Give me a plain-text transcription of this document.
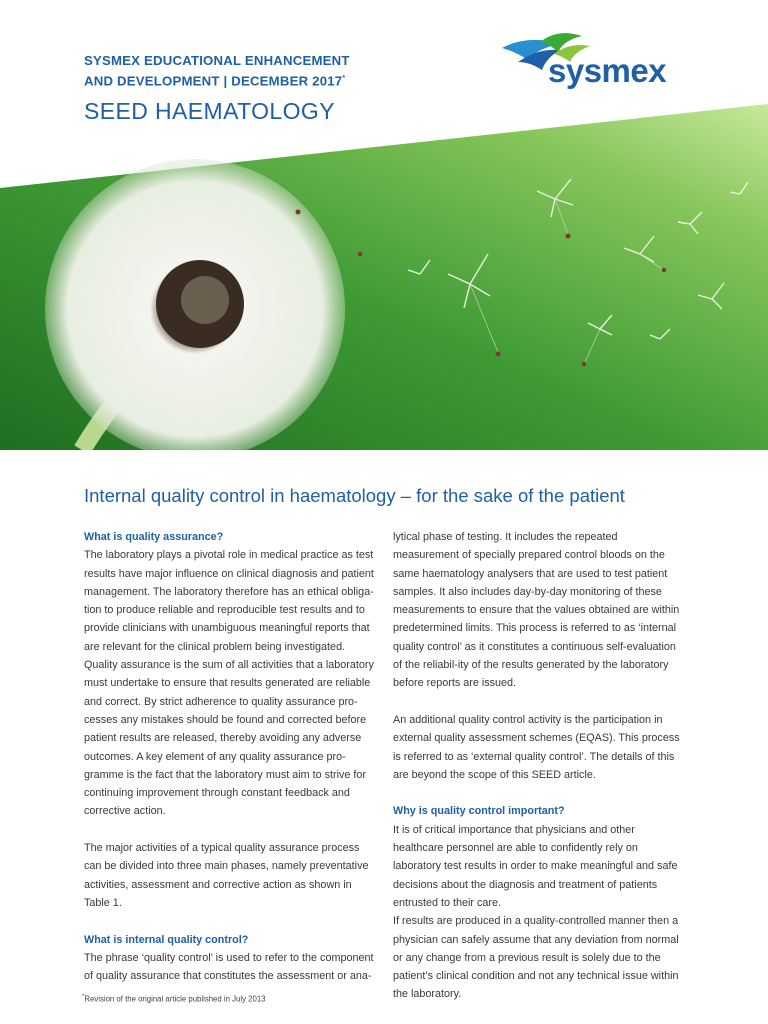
SYSMEX EDUCATIONAL ENHANCEMENT
AND DEVELOPMENT | DECEMBER 2017*
SEED HAEMATOLOGY
sysmex
Internal quality control in haematology – for the sake of the patient
What is quality assurance?

The laboratory plays a pivotal role in medical practice as test results have major influence on clinical diagnosis and patient management. The laboratory therefore has an ethical obliga-tion to produce reliable and reproducible test results and to provide clinicians with unambiguous meaningful reports that are relevant for the clinical problem being investigated. Quality assurance is the sum of all activities that a laboratory must undertake to ensure that results generated are reliable and correct. By strict adherence to quality assurance pro-cesses any mistakes should be found and corrected before patient results are released, thereby avoiding any adverse outcomes. A key element of any quality assurance pro-gramme is the fact that the laboratory must aim to strive for continuing improvement through constant feedback and corrective action.

The major activities of a typical quality assurance process can be divided into three main phases, namely preventative activities, assessment and corrective action as shown in Table 1.

What is internal quality control?

The phrase ‘quality control’ is used to refer to the component of quality assurance that constitutes the assessment or ana-

lytical phase of testing. It includes the repeated measurement of specially prepared control bloods on the same haematology analysers that are used to test patient samples. It also includes day-by-day monitoring of these measurements to ensure that the values obtained are within predetermined limits. This process is referred to as ‘internal quality control’ as it constitutes a continuous self-evaluation of the reliabil-ity of the results generated by the laboratory before reports are issued.

An additional quality control activity is the participation in external quality assessment schemes (EQAS). This process is referred to as ‘external quality control’. The details of this are beyond the scope of this SEED article.

Why is quality control important?

It is of critical importance that physicians and other healthcare personnel are able to confidently rely on laboratory test results in order to make meaningful and safe decisions about the diagnosis and treatment of patients entrusted to their care.

If results are produced in a quality-controlled manner then a physician can safely assume that any deviation from normal or any change from a previous result is solely due to the patient’s clinical condition and not any technical issue within the laboratory.

*Revision of the original article published in July 2013
